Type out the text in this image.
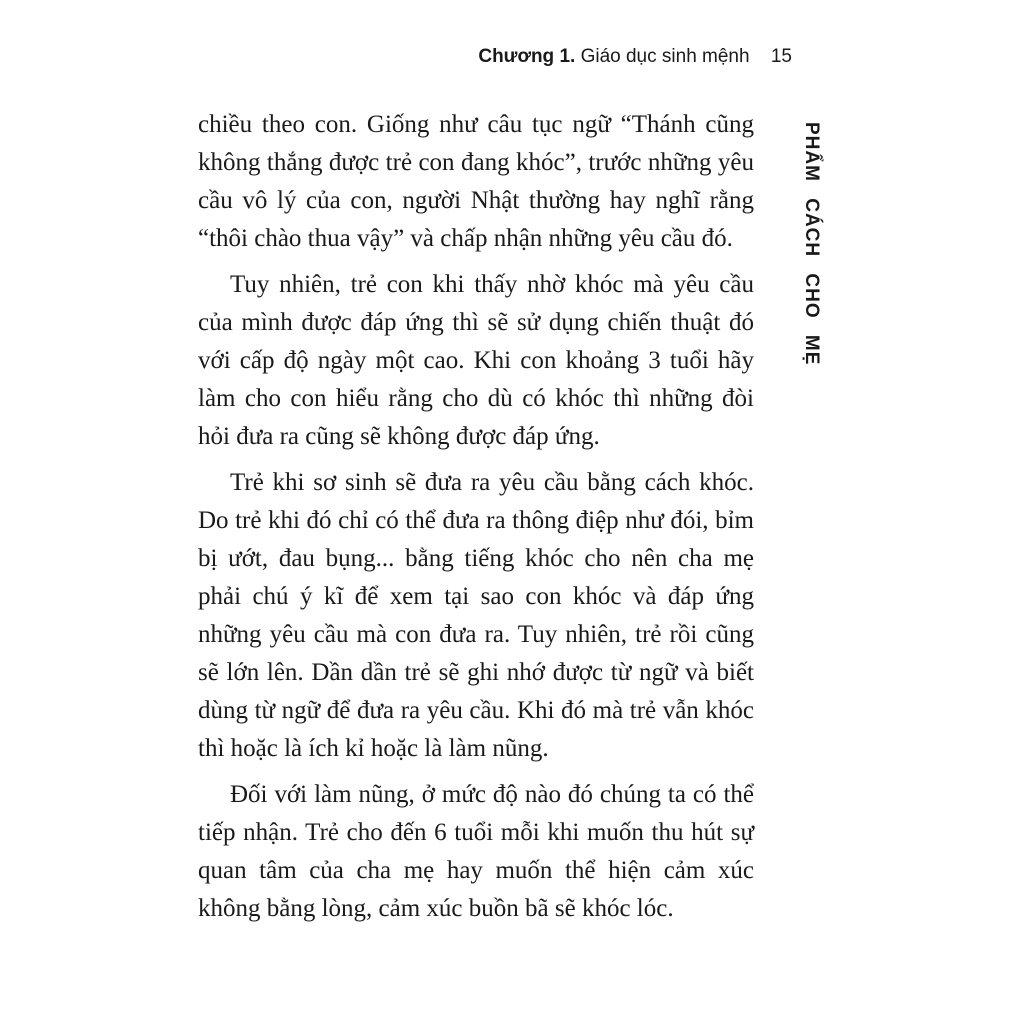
Chương 1. Giáo dục sinh mệnh 15

chiều theo con. Giống như câu tục ngữ “Thánh cũng không thắng được trẻ con đang khóc”, trước những yêu cầu vô lý của con, người Nhật thường hay nghĩ rằng “thôi chào thua vậy” và chấp nhận những yêu cầu đó.

Tuy nhiên, trẻ con khi thấy nhờ khóc mà yêu cầu của mình được đáp ứng thì sẽ sử dụng chiến thuật đó với cấp độ ngày một cao. Khi con khoảng 3 tuổi hãy làm cho con hiểu rằng cho dù có khóc thì những đòi hỏi đưa ra cũng sẽ không được đáp ứng.

Trẻ khi sơ sinh sẽ đưa ra yêu cầu bằng cách khóc. Do trẻ khi đó chỉ có thể đưa ra thông điệp như đói, bỉm bị ướt, đau bụng... bằng tiếng khóc cho nên cha mẹ phải chú ý kĩ để xem tại sao con khóc và đáp ứng những yêu cầu mà con đưa ra. Tuy nhiên, trẻ rồi cũng sẽ lớn lên. Dần dần trẻ sẽ ghi nhớ được từ ngữ và biết dùng từ ngữ để đưa ra yêu cầu. Khi đó mà trẻ vẫn khóc thì hoặc là ích kỉ hoặc là làm nũng.

Đối với làm nũng, ở mức độ nào đó chúng ta có thể tiếp nhận. Trẻ cho đến 6 tuổi mỗi khi muốn thu hút sự quan tâm của cha mẹ hay muốn thể hiện cảm xúc không bằng lòng, cảm xúc buồn bã sẽ khóc lóc.

PHẨM CÁCH CHO MẸ
